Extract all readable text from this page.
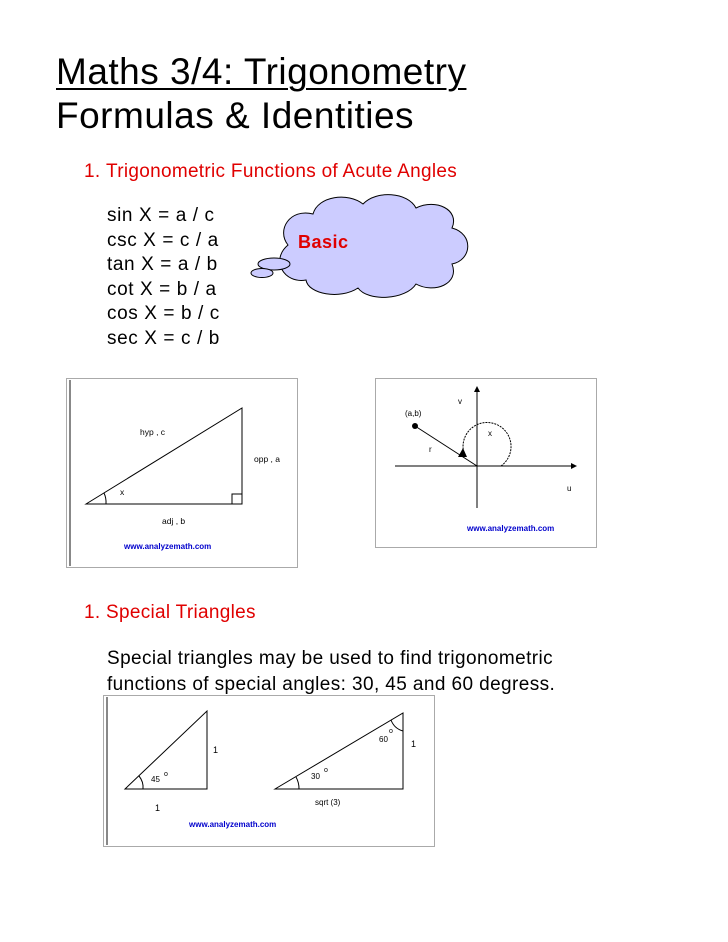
Maths 3/4: Trigonometry
Formulas & Identities
1. Trigonometric Functions of Acute Angles
sin X = a / c
csc X = c / a
tan X = a / b
cot X = b / a
cos X = b / c
sec X = c / b
Basic
hyp , c
opp , a
adj , b
x
www.analyzemath.com
(a,b)
v
u
r
x
www.analyzemath.com
1. Special Triangles
Special triangles may be used to find trigonometric
functions of special angles: 30, 45 and 60 degress.
1
1
45
o
1
sqrt (3)
30
o
60
o
www.analyzemath.com
